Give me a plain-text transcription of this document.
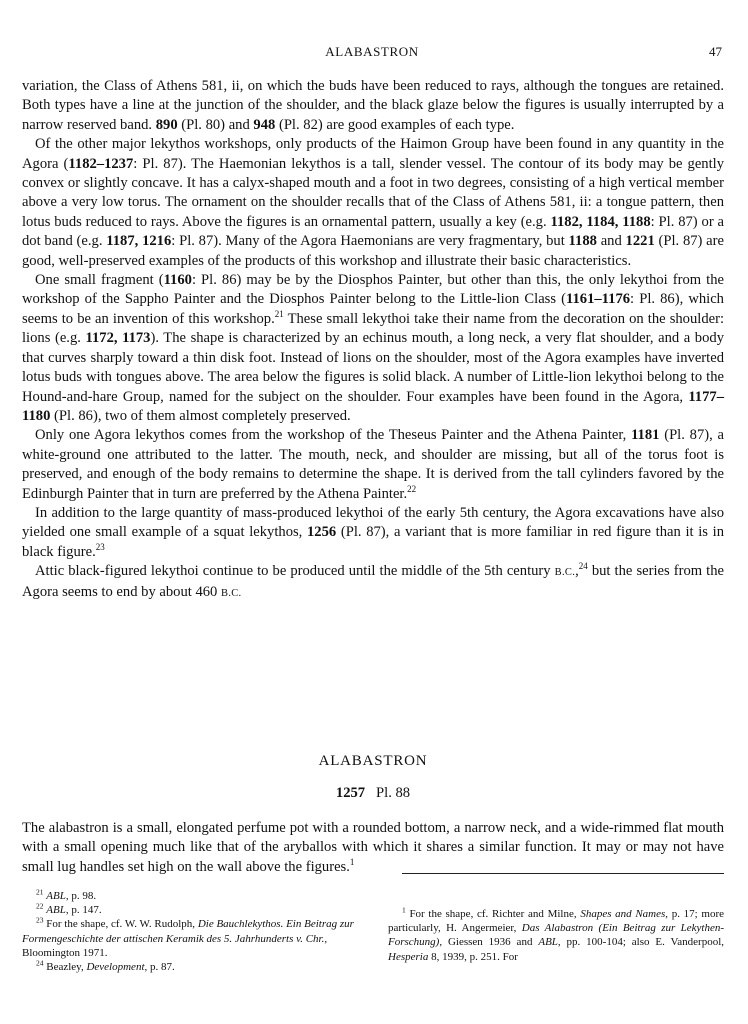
ALABASTRON	47

variation, the Class of Athens 581, ii, on which the buds have been reduced to rays, although the tongues are retained. Both types have a line at the junction of the shoulder, and the black glaze below the figures is usually interrupted by a narrow reserved band. 890 (Pl. 80) and 948 (Pl. 82) are good examples of each type.

Of the other major lekythos workshops, only products of the Haimon Group have been found in any quantity in the Agora (1182–1237: Pl. 87). The Haemonian lekythos is a tall, slender vessel. The contour of its body may be gently convex or slightly concave. It has a calyx-shaped mouth and a foot in two degrees, consisting of a high vertical member above a very low torus. The ornament on the shoulder recalls that of the Class of Athens 581, ii: a tongue pattern, then lotus buds reduced to rays. Above the figures is an ornamental pattern, usually a key (e.g. 1182, 1184, 1188: Pl. 87) or a dot band (e.g. 1187, 1216: Pl. 87). Many of the Agora Haemonians are very fragmentary, but 1188 and 1221 (Pl. 87) are good, well-preserved examples of the products of this workshop and illustrate their basic characteristics.

One small fragment (1160: Pl. 86) may be by the Diosphos Painter, but other than this, the only lekythoi from the workshop of the Sappho Painter and the Diosphos Painter belong to the Little-lion Class (1161–1176: Pl. 86), which seems to be an invention of this workshop.$^{21}$ These small lekythoi take their name from the decoration on the shoulder: lions (e.g. 1172, 1173). The shape is characterized by an echinus mouth, a long neck, a very flat shoulder, and a body that curves sharply toward a thin disk foot. Instead of lions on the shoulder, most of the Agora examples have inverted lotus buds with tongues above. The area below the figures is solid black. A number of Little-lion lekythoi belong to the Hound-and-hare Group, named for the subject on the shoulder. Four examples have been found in the Agora, 1177–1180 (Pl. 86), two of them almost completely preserved.

Only one Agora lekythos comes from the workshop of the Theseus Painter and the Athena Painter, 1181 (Pl. 87), a white-ground one attributed to the latter. The mouth, neck, and shoulder are missing, but all of the torus foot is preserved, and enough of the body remains to determine the shape. It is derived from the tall cylinders favored by the Edinburgh Painter that in turn are preferred by the Athena Painter.$^{22}$

In addition to the large quantity of mass-produced lekythoi of the early 5th century, the Agora excavations have also yielded one small example of a squat lekythos, 1256 (Pl. 87), a variant that is more familiar in red figure than it is in black figure.$^{23}$

Attic black-figured lekythoi continue to be produced until the middle of the 5th century B.C.,$^{24}$ but the series from the Agora seems to end by about 460 B.C.

ALABASTRON
1257 Pl. 88

The alabastron is a small, elongated perfume pot with a rounded bottom, a narrow neck, and a wide-rimmed flat mouth with a small opening much like that of the aryballos with which it shares a similar function. It may or may not have small lug handles set high on the wall above the figures.$^1$

$^{21}$ ABL, p. 98.

$^{22}$ ABL, p. 147.

$^{23}$ For the shape, cf. W. W. Rudolph, Die Bauchlekythos. Ein Beitrag zur Formengeschichte der attischen Keramik des 5. Jahrhunderts v. Chr., Bloomington 1971.

$^{24}$ Beazley, Development, p. 87.

$^1$ For the shape, cf. Richter and Milne, Shapes and Names, p. 17; more particularly, H. Angermeier, Das Alabastron (Ein Beitrag zur Lekythen-Forschung), Giessen 1936 and ABL, pp. 100-104; also E. Vanderpool, Hesperia 8, 1939, p. 251. For
